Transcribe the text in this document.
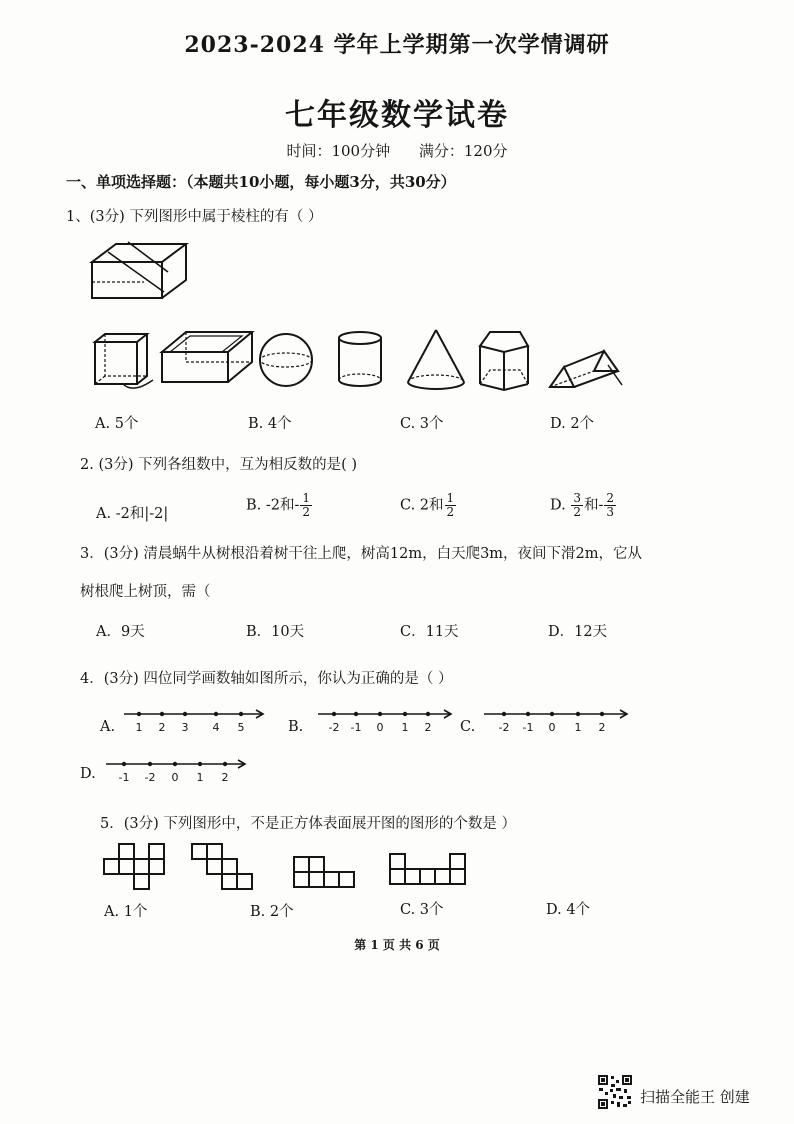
2023-2024 学年上学期第一次学情调研
七年级数学试卷
时间：100分钟 满分：120分
一、单项选择题：（本题共10小题，每小题3分，共30分）
1、(3分) 下列图形中属于棱柱的有（ ）
A. 5个	B. 4个	C. 3个	D. 2个
2. (3分) 下列各组数中，互为相反数的是( )
A. -2和|-2|
B. -2和- $\frac{1}{2}$	C. 2和 $\frac{1}{2}$	D. $\frac{3}{2}$ 和- $\frac{2}{3}$
3．(3分) 清晨蜗牛从树根沿着树干往上爬，树高12m，白天爬3m，夜间下滑2m，它从
树根爬上树顶，需（
A．9天	B．10天	C．11天	D．12天
4．(3分) 四位同学画数轴如图所示，你认为正确的是（ ）
A. 1 2 3 4 5	B. -2 -1 0 1 2 C. -2 -1 0 1 2
D. -1 -2 0 1 2
5．(3分) 下列图形中，不是正方体表面展开图的图形的个数是 ）
A. 1个	B. 2个	C. 3个	D. 4个
第 1 页 共 6 页
扫描全能王 创建
